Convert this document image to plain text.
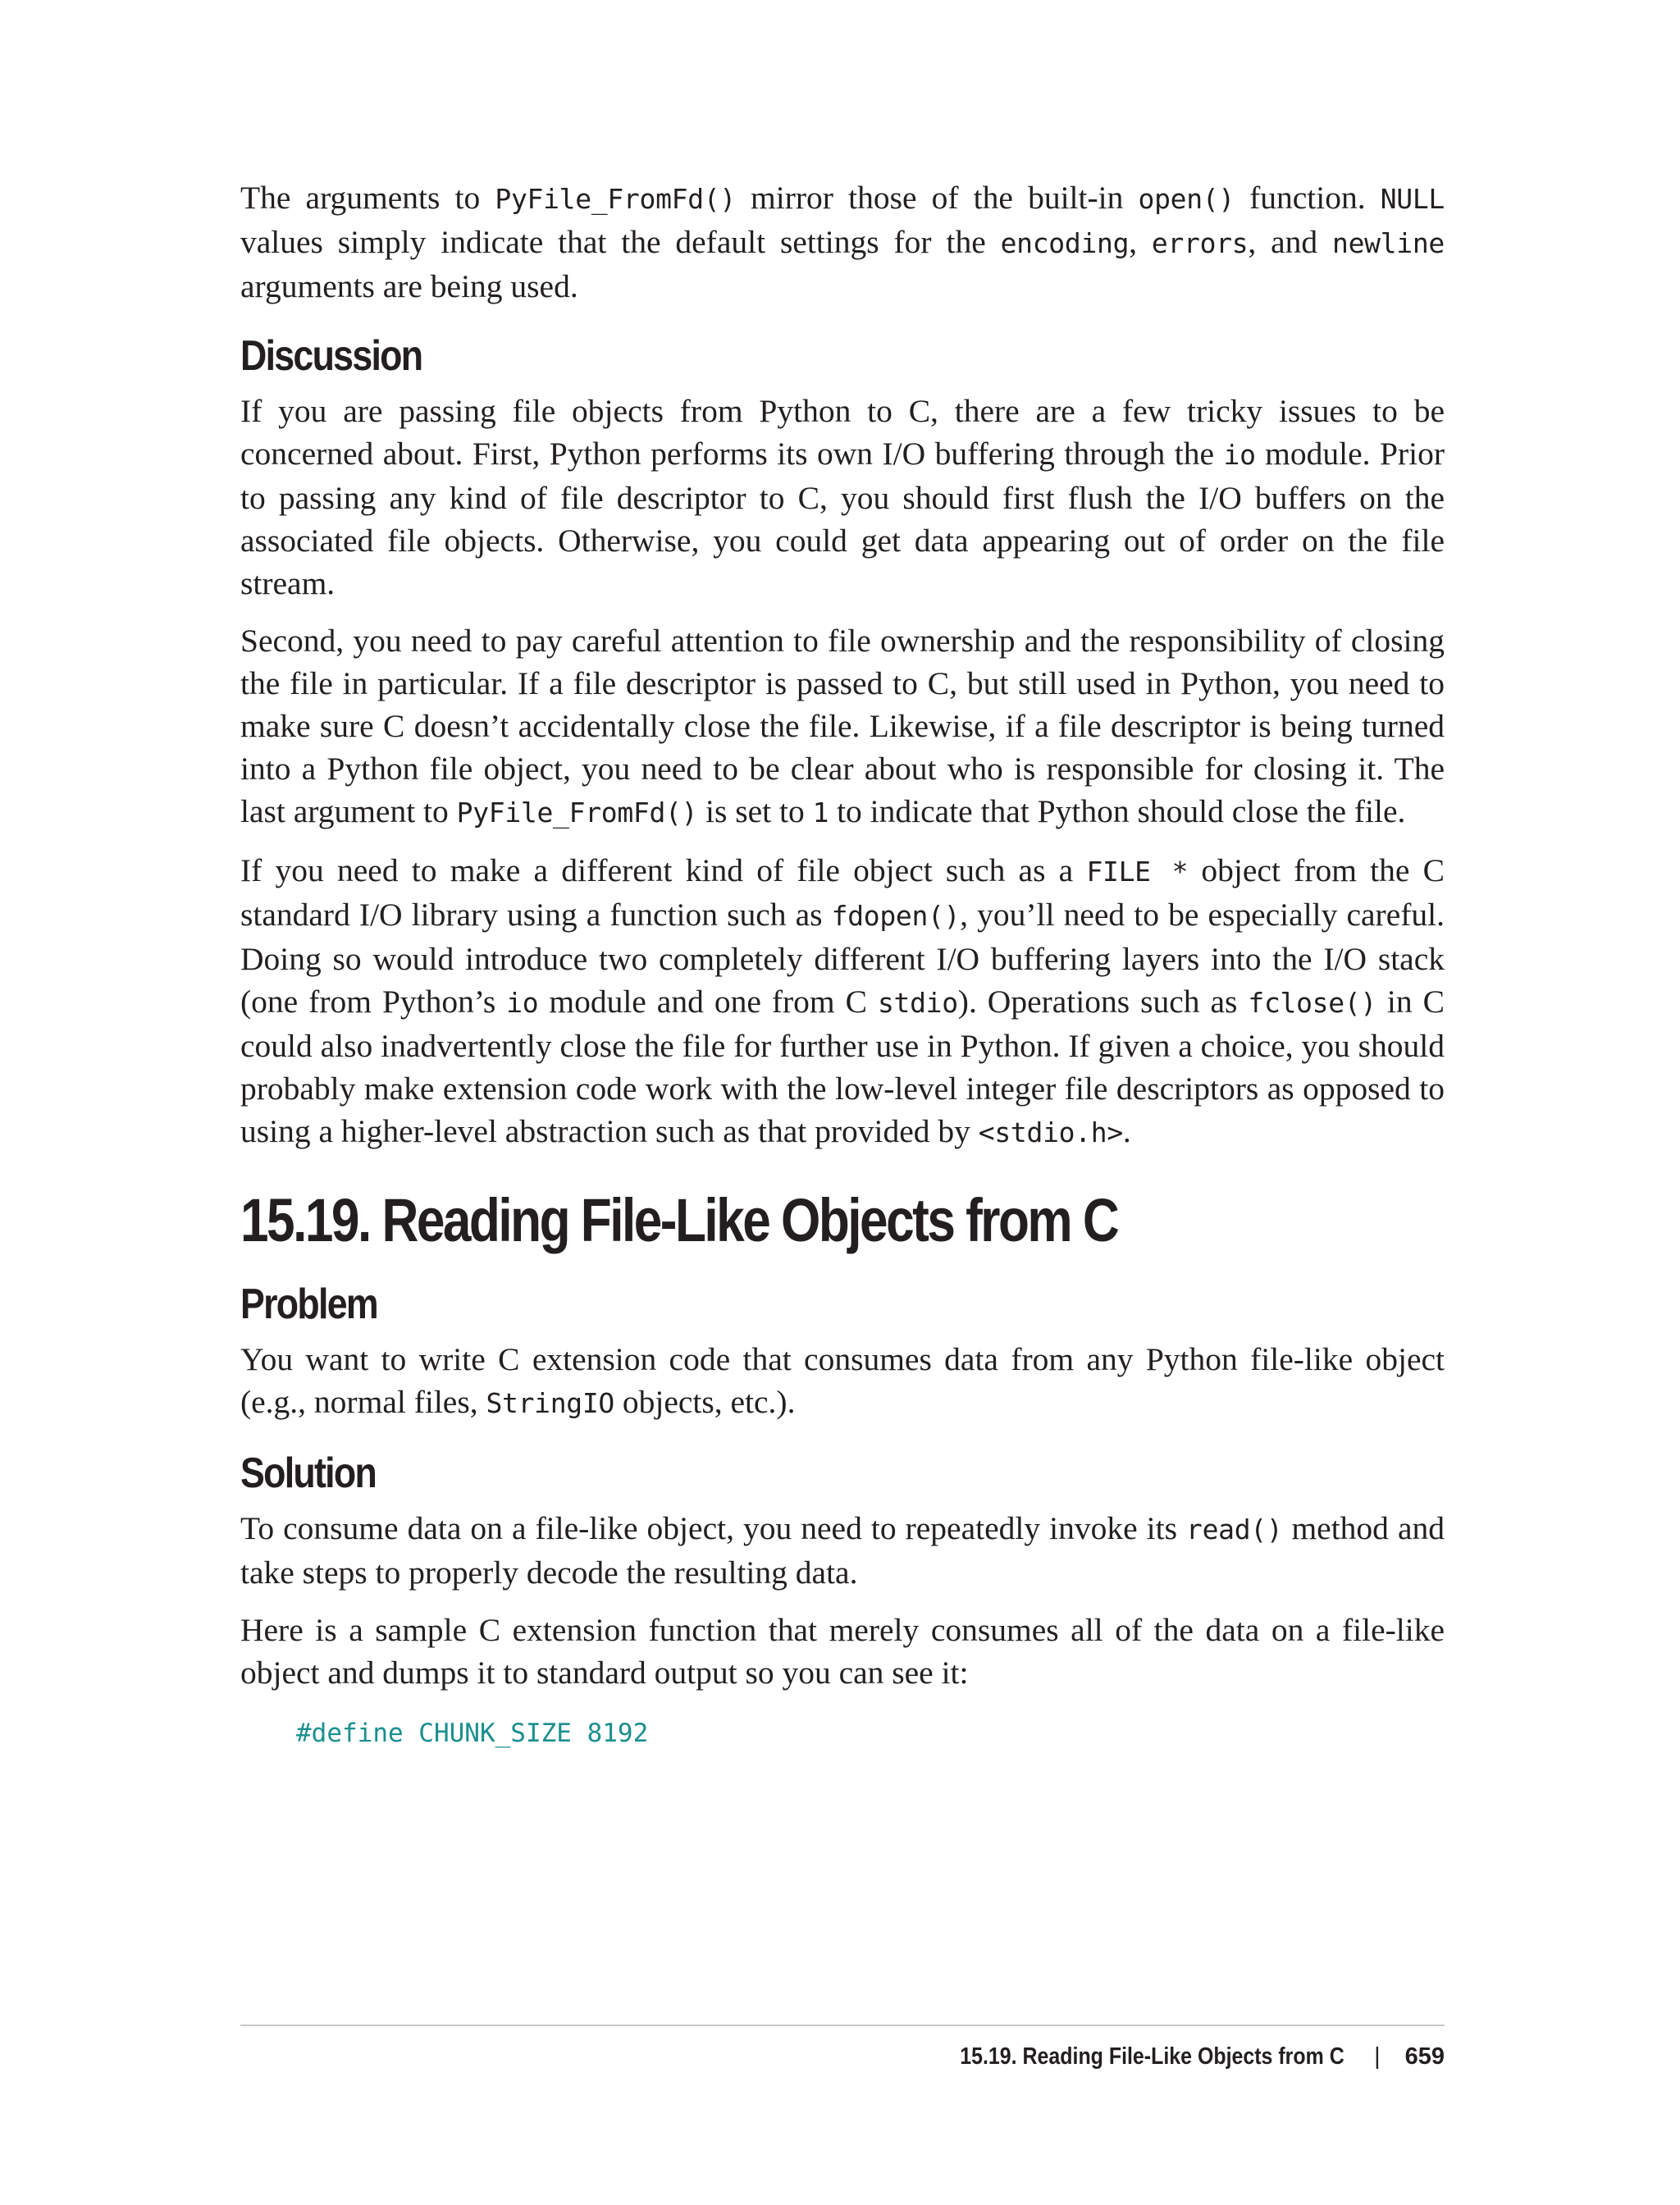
The arguments to PyFile_FromFd() mirror those of the built-in open() function. NULL values simply indicate that the default settings for the encoding, errors, and newline arguments are being used.

Discussion

If you are passing file objects from Python to C, there are a few tricky issues to be concerned about. First, Python performs its own I/O buffering through the io module. Prior to passing any kind of file descriptor to C, you should first flush the I/O buffers on the associated file objects. Otherwise, you could get data appearing out of order on the file stream.

Second, you need to pay careful attention to file ownership and the responsibility of closing the file in particular. If a file descriptor is passed to C, but still used in Python, you need to make sure C doesn’t accidentally close the file. Likewise, if a file descriptor is being turned into a Python file object, you need to be clear about who is responsible for closing it. The last argument to PyFile_FromFd() is set to 1 to indicate that Python should close the file.

If you need to make a different kind of file object such as a FILE * object from the C standard I/O library using a function such as fdopen(), you’ll need to be especially careful. Doing so would introduce two completely different I/O buffering layers into the I/O stack (one from Python’s io module and one from C stdio). Operations such as fclose() in C could also inadvertently close the file for further use in Python. If given a choice, you should probably make extension code work with the low-level integer file descriptors as opposed to using a higher-level abstraction such as that provided by <stdio.h>.

15.19. Reading File-Like Objects from C
Problem

You want to write C extension code that consumes data from any Python file-like object (e.g., normal files, StringIO objects, etc.).

Solution

To consume data on a file-like object, you need to repeatedly invoke its read() method and take steps to properly decode the resulting data.

Here is a sample C extension function that merely consumes all of the data on a file-like object and dumps it to standard output so you can see it:

#define CHUNK_SIZE 8192
15.19. Reading File-Like Objects from C | 659
